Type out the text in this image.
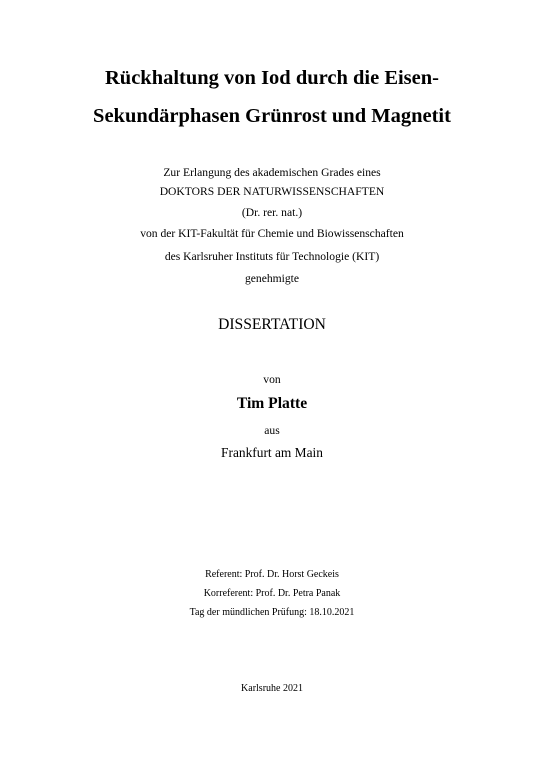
Rückhaltung von Iod durch die Eisen-
Sekundärphasen Grünrost und Magnetit
Zur Erlangung des akademischen Grades eines
DOKTORS DER NATURWISSENSCHAFTEN
(Dr. rer. nat.)
von der KIT-Fakultät für Chemie und Biowissenschaften
des Karlsruher Instituts für Technologie (KIT)
genehmigte
DISSERTATION
von
Tim Platte
aus
Frankfurt am Main
Referent: Prof. Dr. Horst Geckeis
Korreferent: Prof. Dr. Petra Panak
Tag der mündlichen Prüfung: 18.10.2021
Karlsruhe 2021
